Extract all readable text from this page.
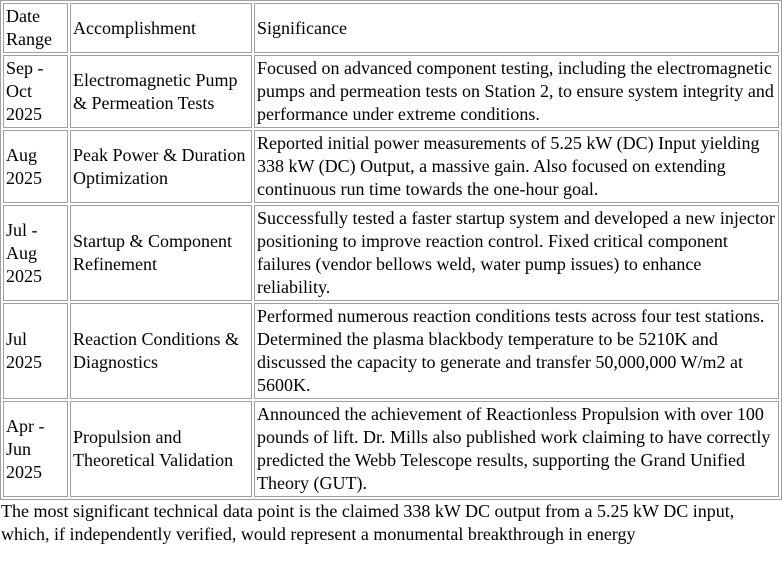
Date Range	Accomplishment	Significance
Sep - Oct 2025	Electromagnetic Pump & Permeation Tests	Focused on advanced component testing, including the electromagnetic pumps and permeation tests on Station 2, to ensure system integrity and performance under extreme conditions.
Aug 2025	Peak Power & Duration Optimization	Reported initial power measurements of 5.25 kW (DC) Input yielding 338 kW (DC) Output, a massive gain. Also focused on extending continuous run time towards the one-hour goal.
Jul - Aug 2025	Startup & Component Refinement	Successfully tested a faster startup system and developed a new injector positioning to improve reaction control. Fixed critical component failures (vendor bellows weld, water pump issues) to enhance reliability.
Jul 2025	Reaction Conditions & Diagnostics	Performed numerous reaction conditions tests across four test stations. Determined the plasma blackbody temperature to be 5210K and discussed the capacity to generate and transfer 50,000,000 W/m2 at 5600K.
Apr - Jun 2025	Propulsion and Theoretical Validation	Announced the achievement of Reactionless Propulsion with over 100 pounds of lift. Dr. Mills also published work claiming to have correctly predicted the Webb Telescope results, supporting the Grand Unified Theory (GUT).

The most significant technical data point is the claimed 338 kW DC output from a 5.25 kW DC input, which, if independently verified, would represent a monumental breakthrough in energy
